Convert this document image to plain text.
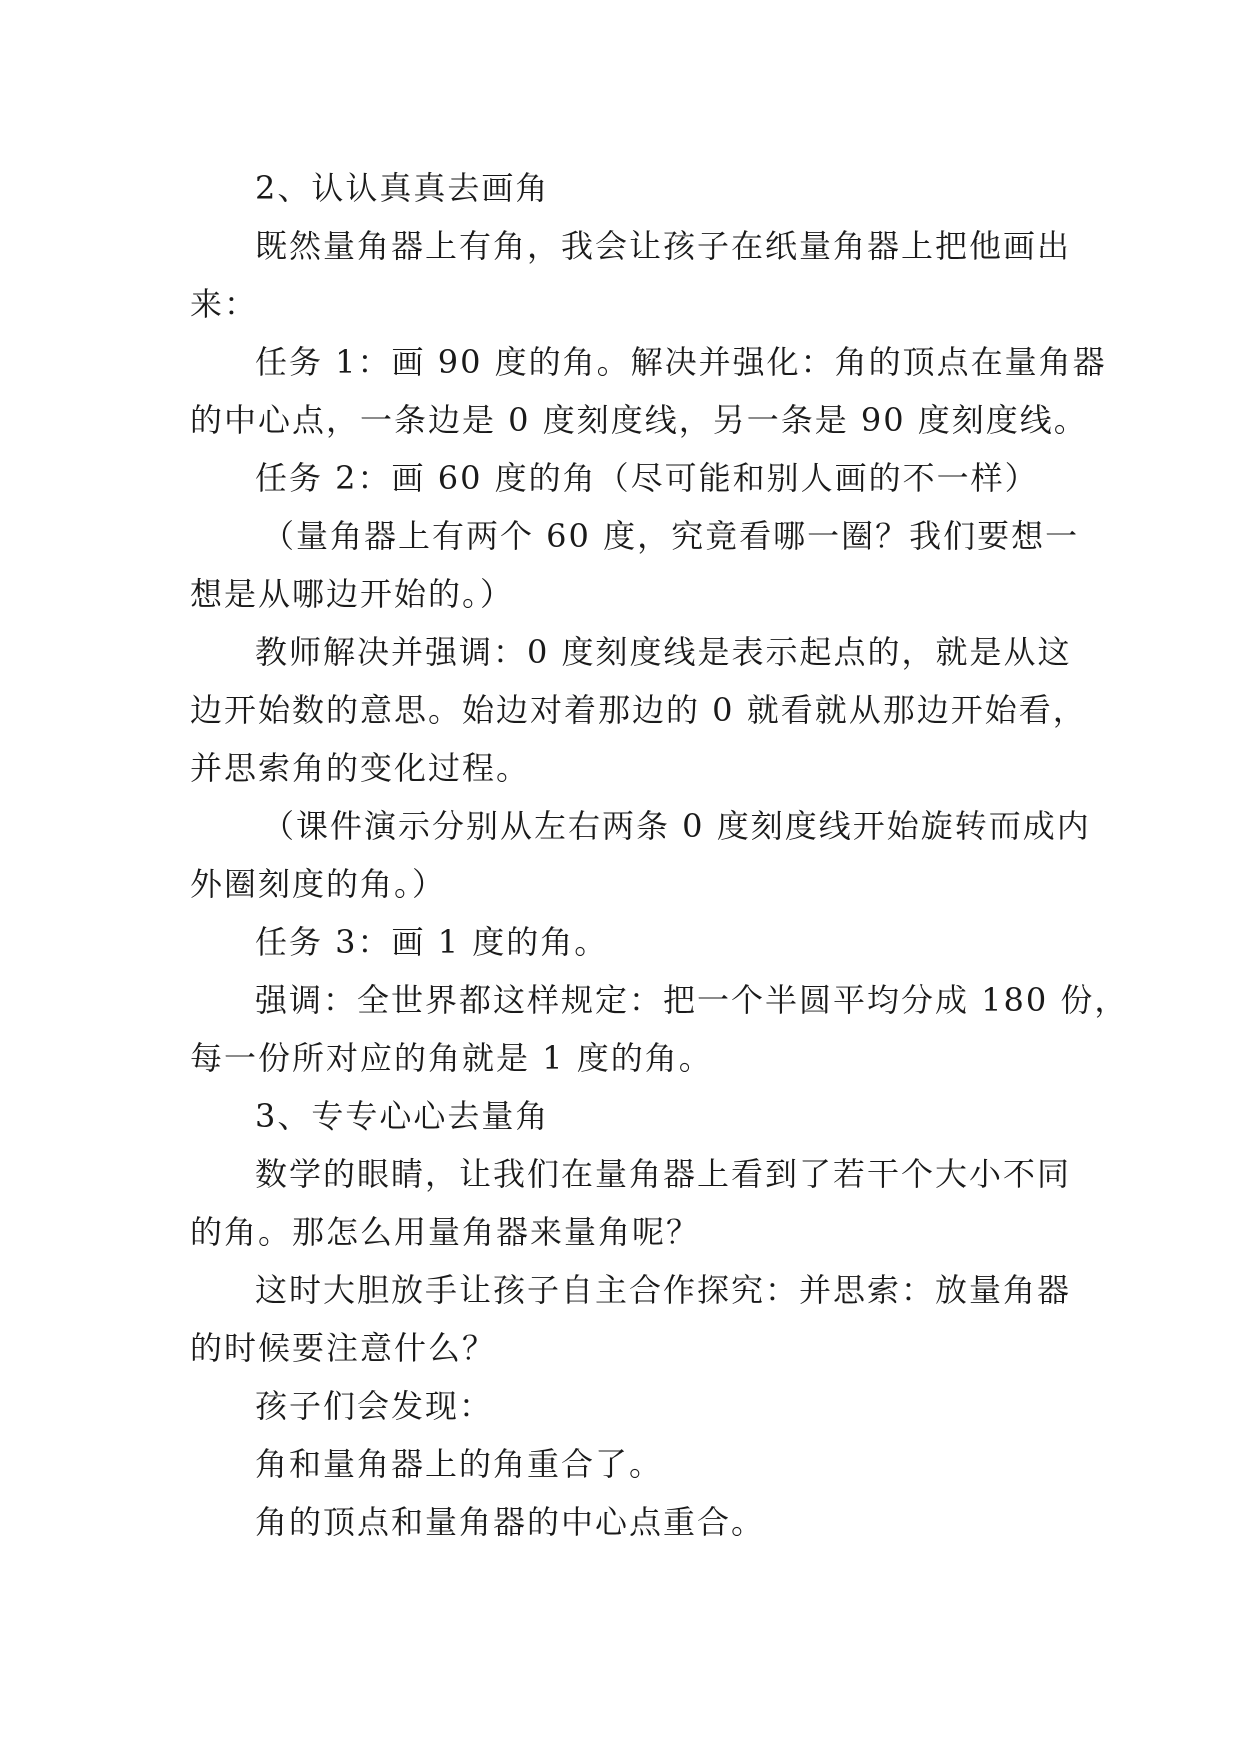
2、认认真真去画角
既然量角器上有角，我会让孩子在纸量角器上把他画出
来：
任务 1：画 90 度的角。解决并强化：角的顶点在量角器
的中心点，一条边是 0 度刻度线，另一条是 90 度刻度线。
任务 2：画 60 度的角（尽可能和别人画的不一样）
（量角器上有两个 60 度，究竟看哪一圈？我们要想一
想是从哪边开始的。）
教师解决并强调：0 度刻度线是表示起点的，就是从这
边开始数的意思。始边对着那边的 0 就看就从那边开始看，
并思索角的变化过程。
（课件演示分别从左右两条 0 度刻度线开始旋转而成内
外圈刻度的角。）
任务 3：画 1 度的角。
强调：全世界都这样规定：把一个半圆平均分成 180 份，
每一份所对应的角就是 1 度的角。
3、专专心心去量角
数学的眼睛，让我们在量角器上看到了若干个大小不同
的角。那怎么用量角器来量角呢？
这时大胆放手让孩子自主合作探究：并思索：放量角器
的时候要注意什么？
孩子们会发现：
角和量角器上的角重合了。
角的顶点和量角器的中心点重合。
